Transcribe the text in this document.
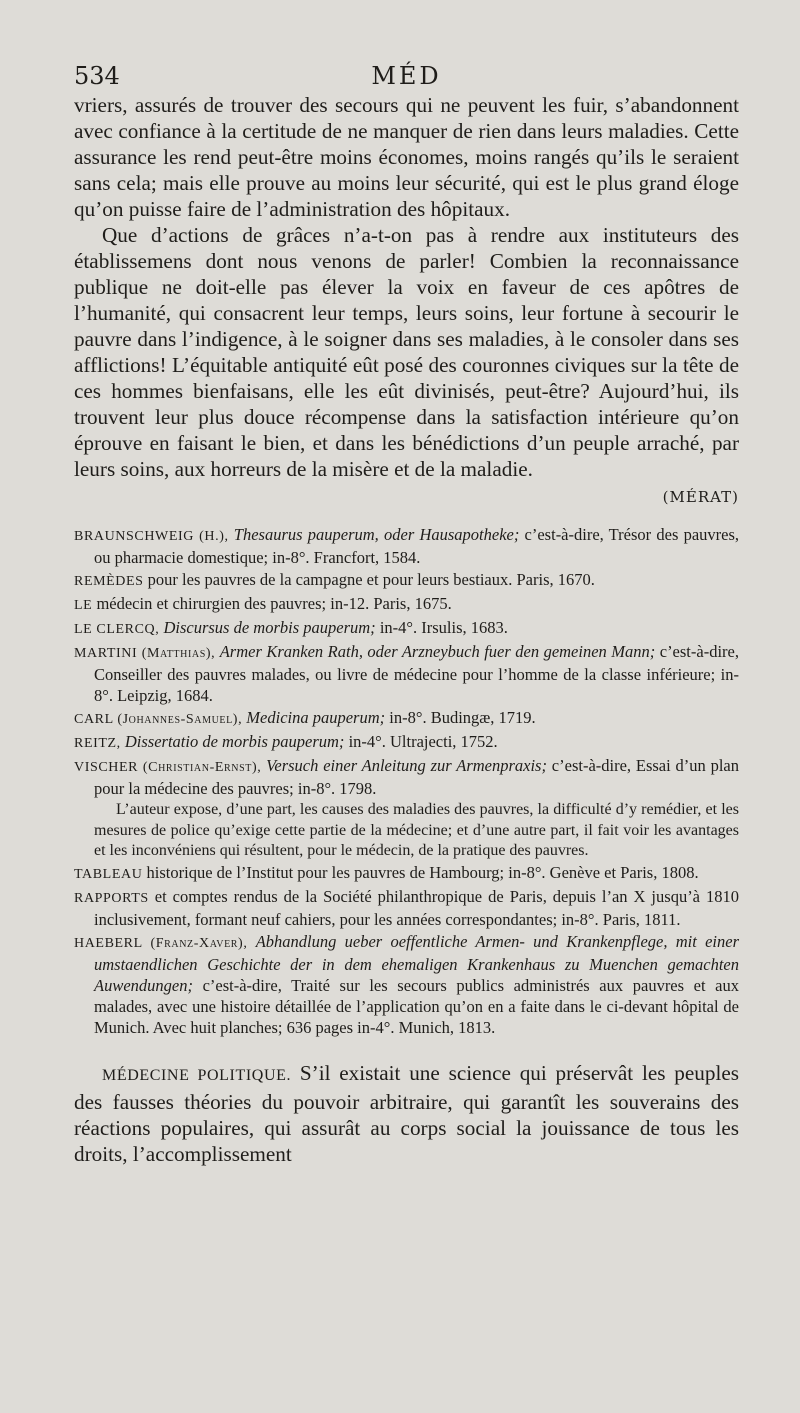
534	MÉD

vriers, assurés de trouver des secours qui ne peuvent les fuir, s’abandonnent avec confiance à la certitude de ne manquer de rien dans leurs maladies. Cette assurance les rend peut-être moins économes, moins rangés qu’ils le seraient sans cela; mais elle prouve au moins leur sécurité, qui est le plus grand éloge qu’on puisse faire de l’administration des hôpitaux.

Que d’actions de grâces n’a-t-on pas à rendre aux instituteurs des établissemens dont nous venons de parler! Combien la reconnaissance publique ne doit-elle pas élever la voix en faveur de ces apôtres de l’humanité, qui consacrent leur temps, leurs soins, leur fortune à secourir le pauvre dans l’indigence, à le soigner dans ses maladies, à le consoler dans ses afflictions! L’équitable antiquité eût posé des couronnes civiques sur la tête de ces hommes bienfaisans, elle les eût divinisés, peut-être? Aujourd’hui, ils trouvent leur plus douce récompense dans la satisfaction intérieure qu’on éprouve en faisant le bien, et dans les bénédictions d’un peuple arraché, par leurs soins, aux horreurs de la misère et de la maladie.

(MÉRAT)
BRAUNSCHWEIG (H.), Thesaurus pauperum, oder Hausapotheke; c’est-à-dire, Trésor des pauvres, ou pharmacie domestique; in-8°. Francfort, 1584.
REMÈDES pour les pauvres de la campagne et pour leurs bestiaux. Paris, 1670.
LE médecin et chirurgien des pauvres; in-12. Paris, 1675.
LE CLERCQ, Discursus de morbis pauperum; in-4°. Irsulis, 1683.
MARTINI (Matthias), Armer Kranken Rath, oder Arzneybuch fuer den gemeinen Mann; c’est-à-dire, Conseiller des pauvres malades, ou livre de médecine pour l’homme de la classe inférieure; in-8°. Leipzig, 1684.
CARL (Johannes-Samuel), Medicina pauperum; in-8°. Budingæ, 1719.
REITZ, Dissertatio de morbis pauperum; in-4°. Ultrajecti, 1752.
VISCHER (Christian-Ernst), Versuch einer Anleitung zur Armenpraxis; c’est-à-dire, Essai d’un plan pour la médecine des pauvres; in-8°. 1798.

L’auteur expose, d’une part, les causes des maladies des pauvres, la difficulté d’y remédier, et les mesures de police qu’exige cette partie de la médecine; et d’une autre part, il fait voir les avantages et les inconvéniens qui résultent, pour le médecin, de la pratique des pauvres.

TABLEAU historique de l’Institut pour les pauvres de Hambourg; in-8°. Genève et Paris, 1808.
RAPPORTS et comptes rendus de la Société philanthropique de Paris, depuis l’an X jusqu’à 1810 inclusivement, formant neuf cahiers, pour les années correspondantes; in-8°. Paris, 1811.
HAEBERL (Franz-Xaver), Abhandlung ueber oeffentliche Armen- und Krankenpflege, mit einer umstaendlichen Geschichte der in dem ehemaligen Krankenhaus zu Muenchen gemachten Auwendungen; c’est-à-dire, Traité sur les secours publics administrés aux pauvres et aux malades, avec une histoire détaillée de l’application qu’on en a faite dans le ci-devant hôpital de Munich. Avec huit planches; 636 pages in-4°. Munich, 1813.
MÉDECINE POLITIQUE. S’il existait une science qui préservât les peuples des fausses théories du pouvoir arbitraire, qui garantît les souverains des réactions populaires, qui assurât au corps social la jouissance de tous les droits, l’accomplissement
